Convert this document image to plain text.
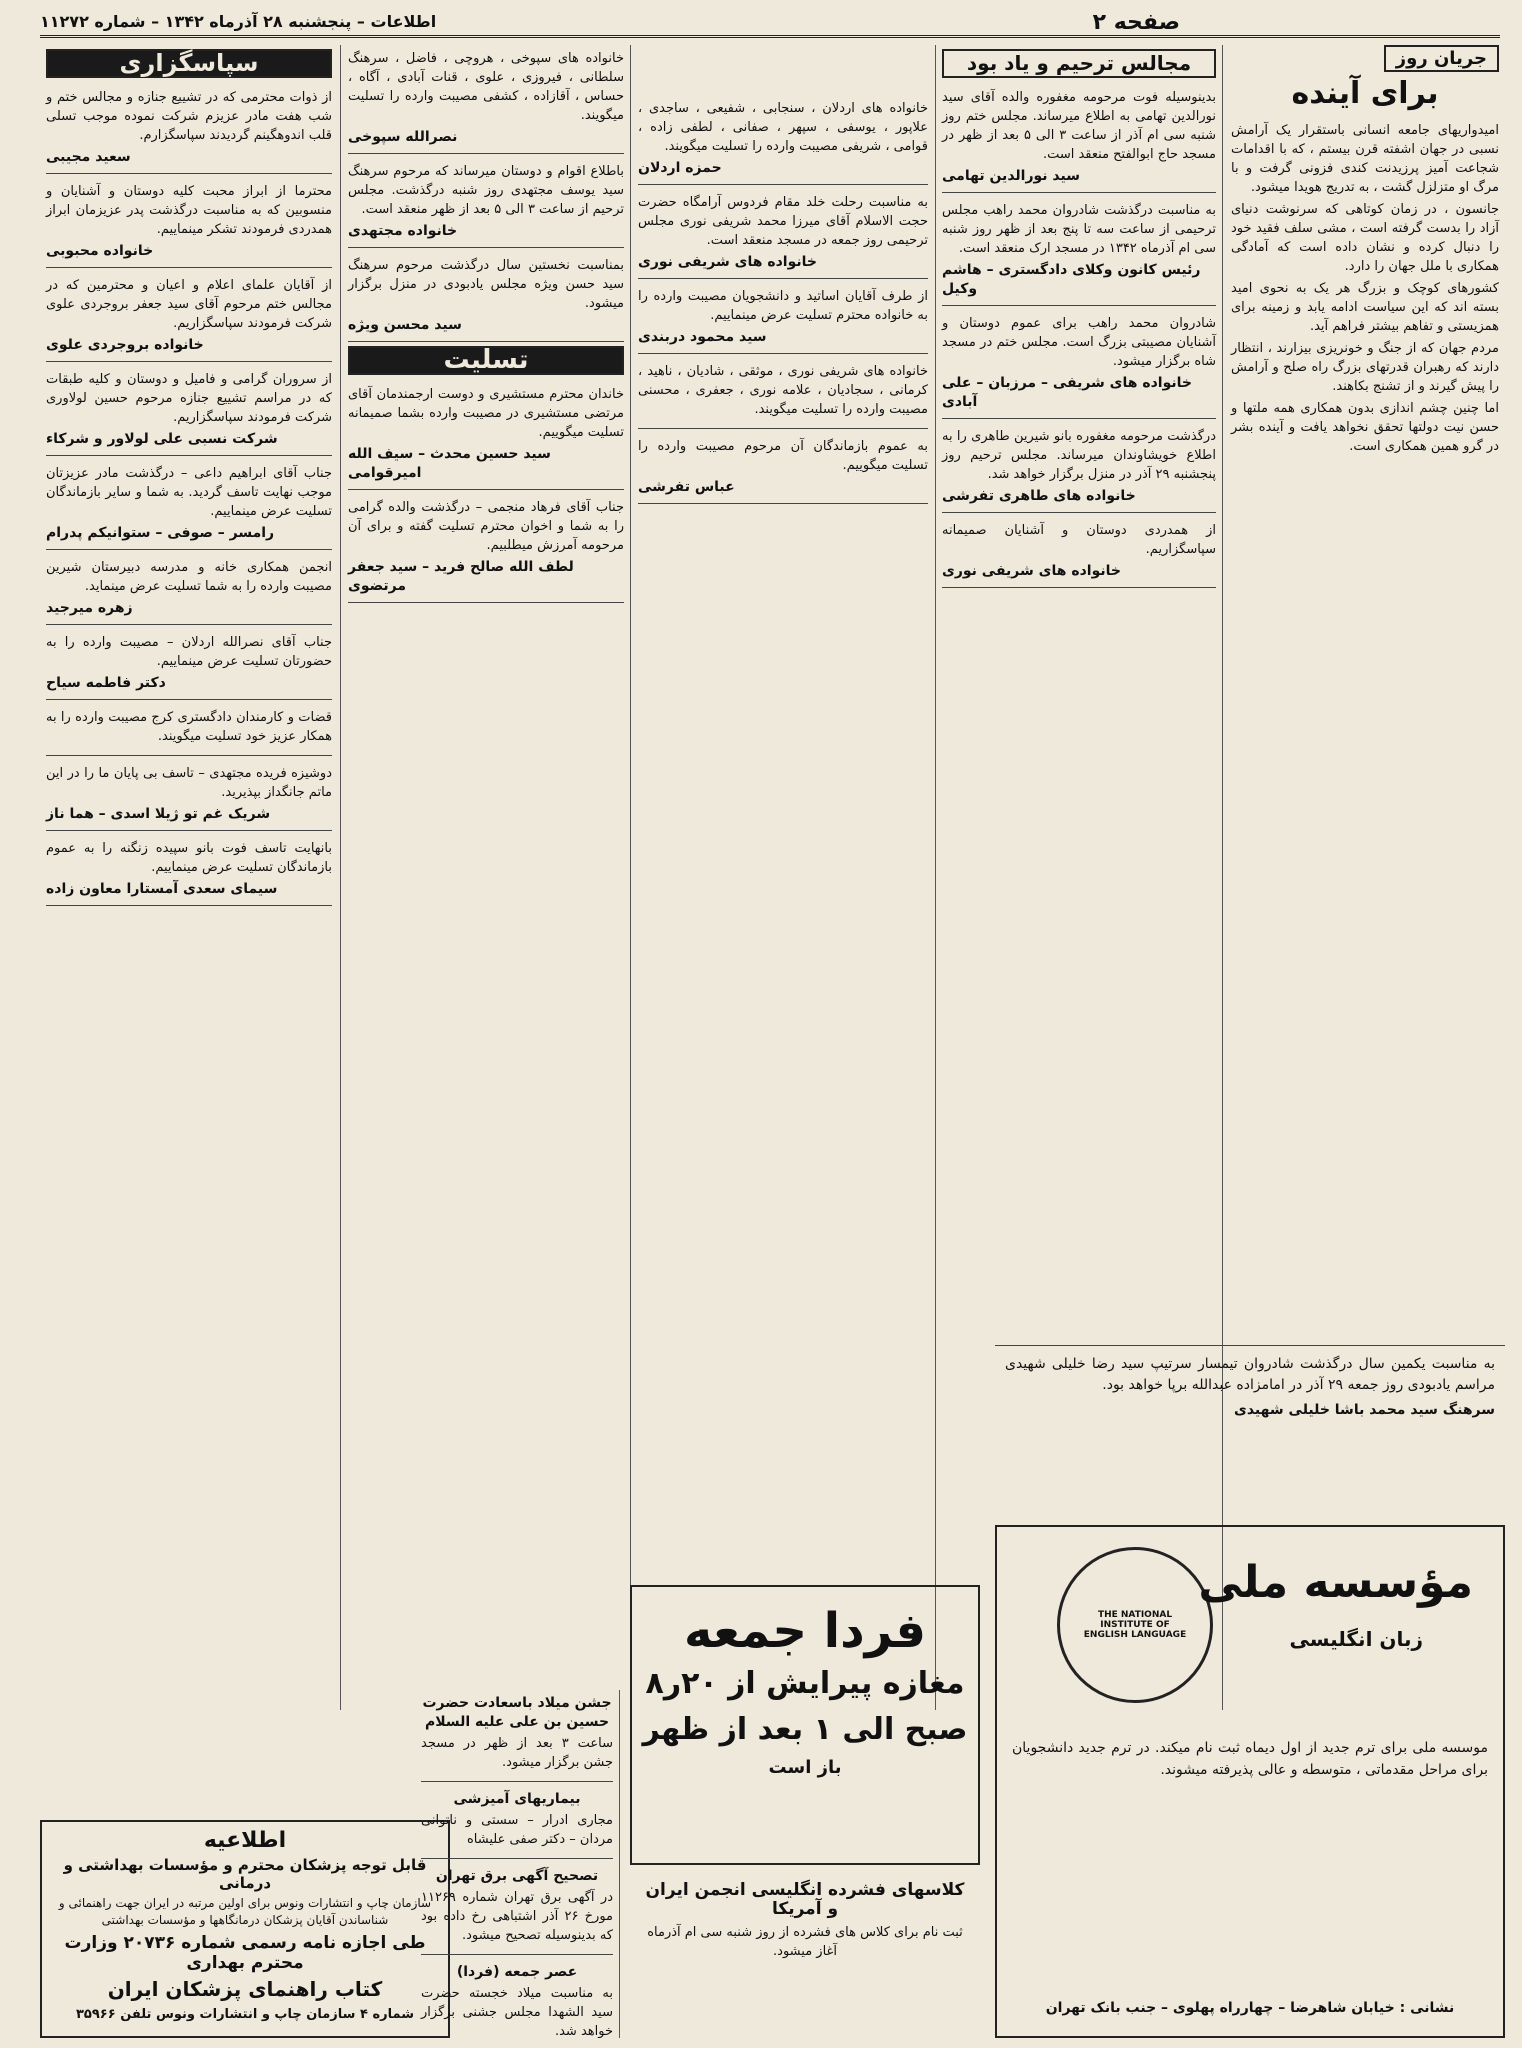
صفحه ۲
اطلاعات – پنجشنبه ۲۸ آذرماه ۱۳۴۲ – شماره ۱۱۲۷۲
جریان روز
برای آینده

امیدواریهای جامعه انسانی باستقرار یک آرامش نسبی در جهان اشفته قرن بیستم ، که با اقدامات شجاعت آمیز پرزیدنت کندی فزونی گرفت و با مرگ او متزلزل گشت ، به تدریج هویدا میشود.

جانسون ، در زمان کوتاهی که سرنوشت دنیای آزاد را بدست گرفته است ، مشی سلف فقید خود را دنبال کرده و نشان داده است که آمادگی همکاری با ملل جهان را دارد.

کشورهای کوچک و بزرگ هر یک به نحوی امید بسته اند که این سیاست ادامه یابد و زمینه برای همزیستی و تفاهم بیشتر فراهم آید.

مردم جهان که از جنگ و خونریزی بیزارند ، انتظار دارند که رهبران قدرتهای بزرگ راه صلح و آرامش را پیش گیرند و از تشنج بکاهند.

اما چنین چشم اندازی بدون همکاری همه ملتها و حسن نیت دولتها تحقق نخواهد یافت و آینده بشر در گرو همین همکاری است.

مجالس ترحیم و یاد بود

بدینوسیله فوت مرحومه مغفوره والده آقای سید نورالدین تهامی به اطلاع میرساند. مجلس ختم روز شنبه سی ام آذر از ساعت ۳ الی ۵ بعد از ظهر در مسجد حاج ابوالفتح منعقد است.

سید نورالدین تهامی

به مناسبت درگذشت شادروان محمد راهب مجلس ترحیمی از ساعت سه تا پنج بعد از ظهر روز شنبه سی ام آذرماه ۱۳۴۲ در مسجد ارک منعقد است.

رئیس کانون وکلای دادگستری – هاشم وکیل

شادروان محمد راهب برای عموم دوستان و آشنایان مصیبتی بزرگ است. مجلس ختم در مسجد شاه برگزار میشود.

خانواده های شریفی – مرزبان – علی آبادی

درگذشت مرحومه مغفوره بانو شیرین طاهری را به اطلاع خویشاوندان میرساند. مجلس ترحیم روز پنجشنبه ۲۹ آذر در منزل برگزار خواهد شد.

خانواده های طاهری تفرشی

از همدردی دوستان و آشنایان صمیمانه سپاسگزاریم.

خانواده های شریفی نوری

خانواده های اردلان ، سنجابی ، شفیعی ، ساجدی ، علاپور ، یوسفی ، سپهر ، صفانی ، لطفی زاده ، قوامی ، شریفی مصیبت وارده را تسلیت میگویند.

حمزه اردلان

به مناسبت رحلت خلد مقام فردوس آرامگاه حضرت حجت الاسلام آقای میرزا محمد شریفی نوری مجلس ترحیمی روز جمعه در مسجد منعقد است.

خانواده های شریفی نوری

از طرف آقایان اساتید و دانشجویان مصیبت وارده را به خانواده محترم تسلیت عرض مینماییم.

سید محمود دربندی

خانواده های شریفی نوری ، موثقی ، شادیان ، ناهید ، کرمانی ، سجادیان ، علامه نوری ، جعفری ، محسنی مصیبت وارده را تسلیت میگویند.

به عموم بازماندگان آن مرحوم مصیبت وارده را تسلیت میگوییم.

عباس تفرشی

خانواده های سپوخی ، هروچی ، فاضل ، سرهنگ سلطانی ، فیروزی ، علوی ، قنات آبادی ، آگاه ، حساس ، آقازاده ، کشفی مصیبت وارده را تسلیت میگویند.

نصرالله سپوخی

باطلاع اقوام و دوستان میرساند که مرحوم سرهنگ سید یوسف مجتهدی روز شنبه درگذشت. مجلس ترحیم از ساعت ۳ الی ۵ بعد از ظهر منعقد است.

خانواده مجتهدی

بمناسبت نخستین سال درگذشت مرحوم سرهنگ سید حسن ویژه مجلس یادبودی در منزل برگزار میشود.

سید محسن ویژه
تسلیت

خاندان محترم مستشیری و دوست ارجمندمان آقای مرتضی مستشیری در مصیبت وارده بشما صمیمانه تسلیت میگوییم.

سید حسین محدث – سیف الله امیرقوامی

جناب آقای فرهاد منجمی – درگذشت والده گرامی را به شما و اخوان محترم تسلیت گفته و برای آن مرحومه آمرزش میطلبیم.

لطف الله صالح فرید – سید جعفر مرتضوی
سپاسگزاری

از ذوات محترمی که در تشییع جنازه و مجالس ختم و شب هفت مادر عزیزم شرکت نموده موجب تسلی قلب اندوهگینم گردیدند سپاسگزارم.

سعید مجیبی

محترما از ابراز محبت کلیه دوستان و آشنایان و منسوبین که به مناسبت درگذشت پدر عزیزمان ابراز همدردی فرمودند تشکر مینماییم.

خانواده محبوبی

از آقایان علمای اعلام و اعیان و محترمین که در مجالس ختم مرحوم آقای سید جعفر بروجردی علوی شرکت فرمودند سپاسگزاریم.

خانواده بروجردی علوی

از سروران گرامی و فامیل و دوستان و کلیه طبقات که در مراسم تشییع جنازه مرحوم حسین لولاوری شرکت فرمودند سپاسگزاریم.

شرکت نسبی علی لولاور و شرکاء

جناب آقای ابراهیم داعی – درگذشت مادر عزیزتان موجب نهایت تاسف گردید. به شما و سایر بازماندگان تسلیت عرض مینماییم.

رامسر – صوفی – ستوانیکم پدرام

انجمن همکاری خانه و مدرسه دبیرستان شیرین مصیبت وارده را به شما تسلیت عرض مینماید.

زهره میرجید

جناب آقای نصرالله اردلان – مصیبت وارده را به حضورتان تسلیت عرض مینماییم.

دکتر فاطمه سیاح

قضات و کارمندان دادگستری کرج مصیبت وارده را به همکار عزیز خود تسلیت میگویند.

دوشیزه فریده مجتهدی – تاسف بی پایان ما را در این ماتم جانگداز بپذیرید.

شریک غم تو ژیلا اسدی – هما ناز

بانهایت تاسف فوت بانو سپیده زنگنه را به عموم بازماندگان تسلیت عرض مینماییم.

سیمای سعدی آمستارا معاون زاده

به مناسبت یکمین سال درگذشت شادروان تیمسار سرتیپ سید رضا خلیلی شهیدی مراسم یادبودی روز جمعه ۲۹ آذر در امامزاده عبدالله برپا خواهد بود.

سرهنگ سید محمد باشا خلیلی شهیدی
اطلاعیه
قابل توجه پزشکان محترم و مؤسسات بهداشتی و درمانی
سازمان چاپ و انتشارات ونوس برای اولین مرتبه در ایران جهت راهنمائی و شناساندن آقایان پزشکان درمانگاهها و مؤسسات بهداشتی
طی اجازه نامه رسمی شماره ۲۰۷۳۶ وزارت محترم بهداری
کتاب راهنمای پزشکان ایران
شماره ۴ سازمان چاپ و انتشارات ونوس تلفن ۳۵۹۶۶
جشن میلاد باسعادت حضرت حسین بن علی علیه السلام

ساعت ۳ بعد از ظهر در مسجد جشن برگزار میشود.

بیماریهای آمیزشی

مجاری ادرار – سستی و ناتوانی مردان – دکتر صفی علیشاه

تصحیح آگهی برق تهران

در آگهی برق تهران شماره ۱۱۲۶۹ مورخ ۲۶ آذر اشتباهی رخ داده بود که بدینوسیله تصحیح میشود.

عصر جمعه (فردا)

به مناسبت میلاد خجسته حضرت سید الشهدا مجلس جشنی برگزار خواهد شد.

فردا جمعه
مغازه پیرایش از ۲۰ر۸
صبح الی ۱ بعد از ظهر
باز است
کلاسهای فشرده انگلیسی انجمن ایران و آمریکا
ثبت نام برای کلاس های فشرده از روز شنبه سی ام آذرماه آغاز میشود.
THE NATIONAL INSTITUTE OF ENGLISH LANGUAGE
مؤسسه ملی
زبان انگلیسی
موسسه ملی برای ترم جدید از اول دیماه ثبت نام میکند. در ترم جدید دانشجویان برای مراحل مقدماتی ، متوسطه و عالی پذیرفته میشوند.
نشانی : خیابان شاهرضا – چهارراه پهلوی – جنب بانک تهران
